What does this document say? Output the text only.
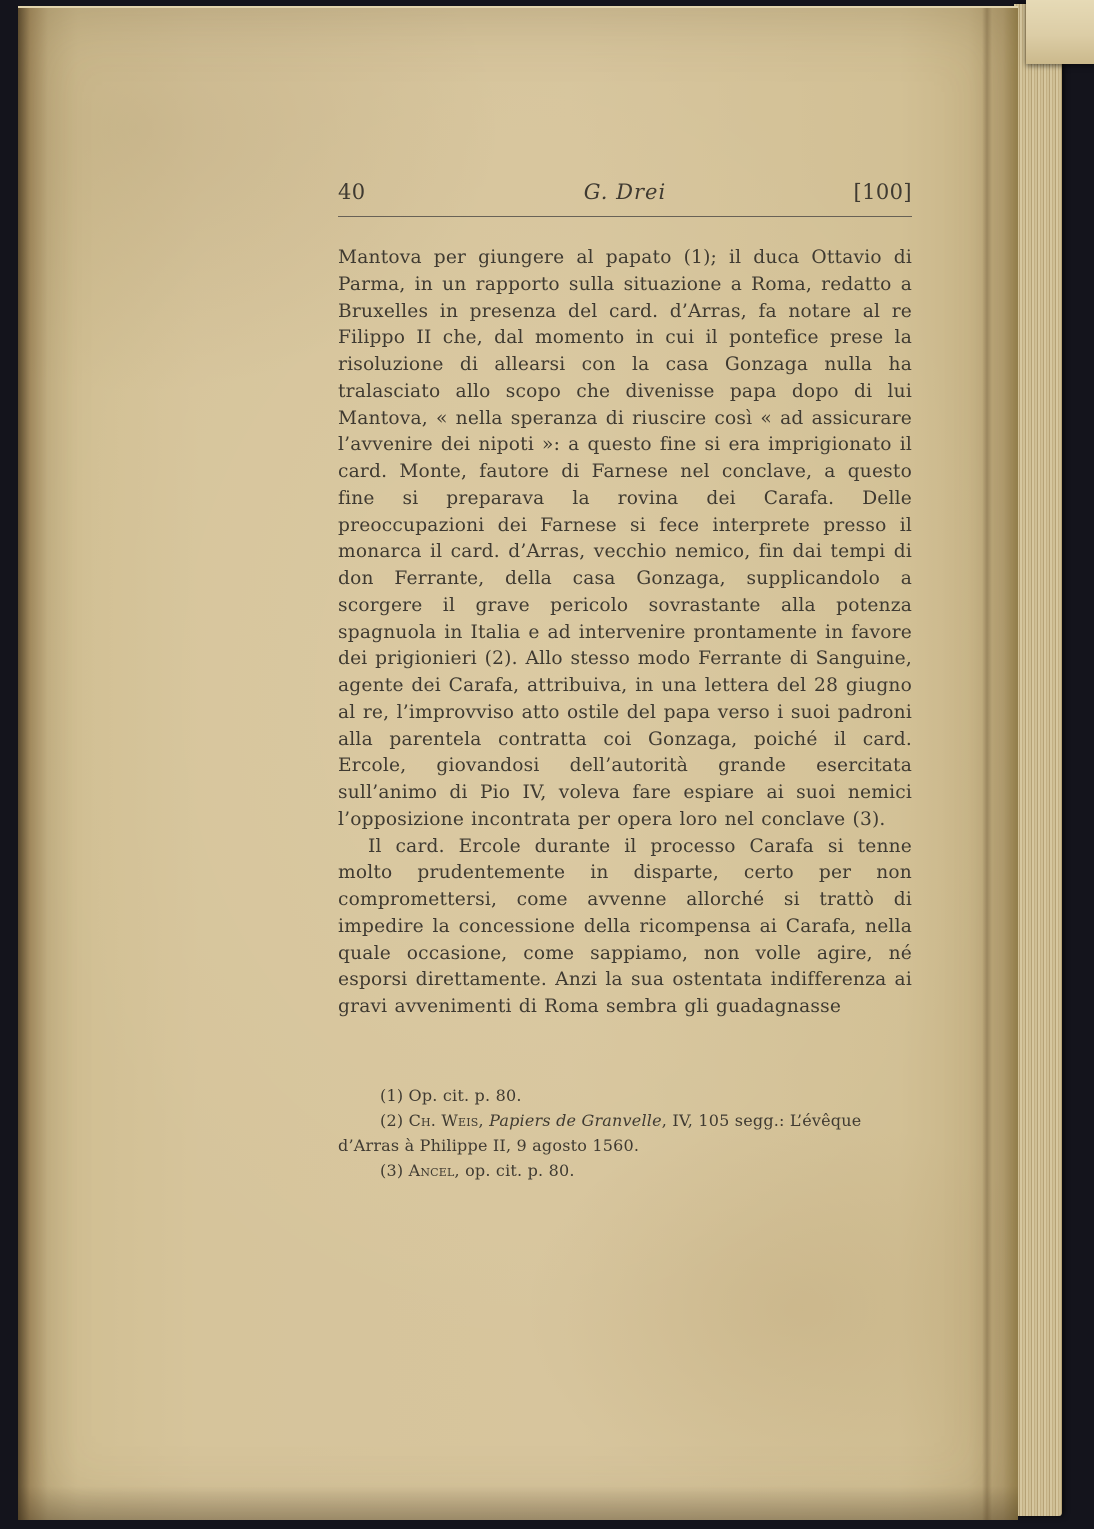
40	G. Drei	[100]

Mantova per giungere al papato (1); il duca Ottavio di Parma, in un rapporto sulla situazione a Roma, redatto a Bruxelles in presenza del card. d’Arras, fa notare al re Filippo II che, dal momento in cui il pontefice prese la risoluzione di allearsi con la casa Gonzaga nulla ha tralasciato allo scopo che divenisse papa dopo di lui Mantova, « nella speranza di riuscire così « ad assicurare l’avvenire dei nipoti »: a questo fine si era imprigionato il card. Monte, fautore di Farnese nel conclave, a questo fine si preparava la rovina dei Carafa. Delle preoccupazioni dei Farnese si fece interprete presso il monarca il card. d’Arras, vecchio nemico, fin dai tempi di don Ferrante, della casa Gonzaga, supplicandolo a scorgere il grave pericolo sovrastante alla potenza spagnuola in Italia e ad intervenire prontamente in favore dei prigionieri (2). Allo stesso modo Ferrante di Sanguine, agente dei Carafa, attribuiva, in una lettera del 28 giugno al re, l’improvviso atto ostile del papa verso i suoi padroni alla parentela contratta coi Gonzaga, poiché il card. Ercole, giovandosi dell’autorità grande esercitata sull’animo di Pio IV, voleva fare espiare ai suoi nemici l’opposizione incontrata per opera loro nel conclave (3).

Il card. Ercole durante il processo Carafa si tenne molto prudentemente in disparte, certo per non compromettersi, come avvenne allorché si trattò di impedire la concessione della ricompensa ai Carafa, nella quale occasione, come sappiamo, non volle agire, né esporsi direttamente. Anzi la sua ostentata indifferenza ai gravi avvenimenti di Roma sembra gli guadagnasse

(1) Op. cit. p. 80.

(2) Ch. Weis, Papiers de Granvelle, IV, 105 segg.: L’évêque d’Arras à Philippe II, 9 agosto 1560.

(3) Ancel, op. cit. p. 80.
